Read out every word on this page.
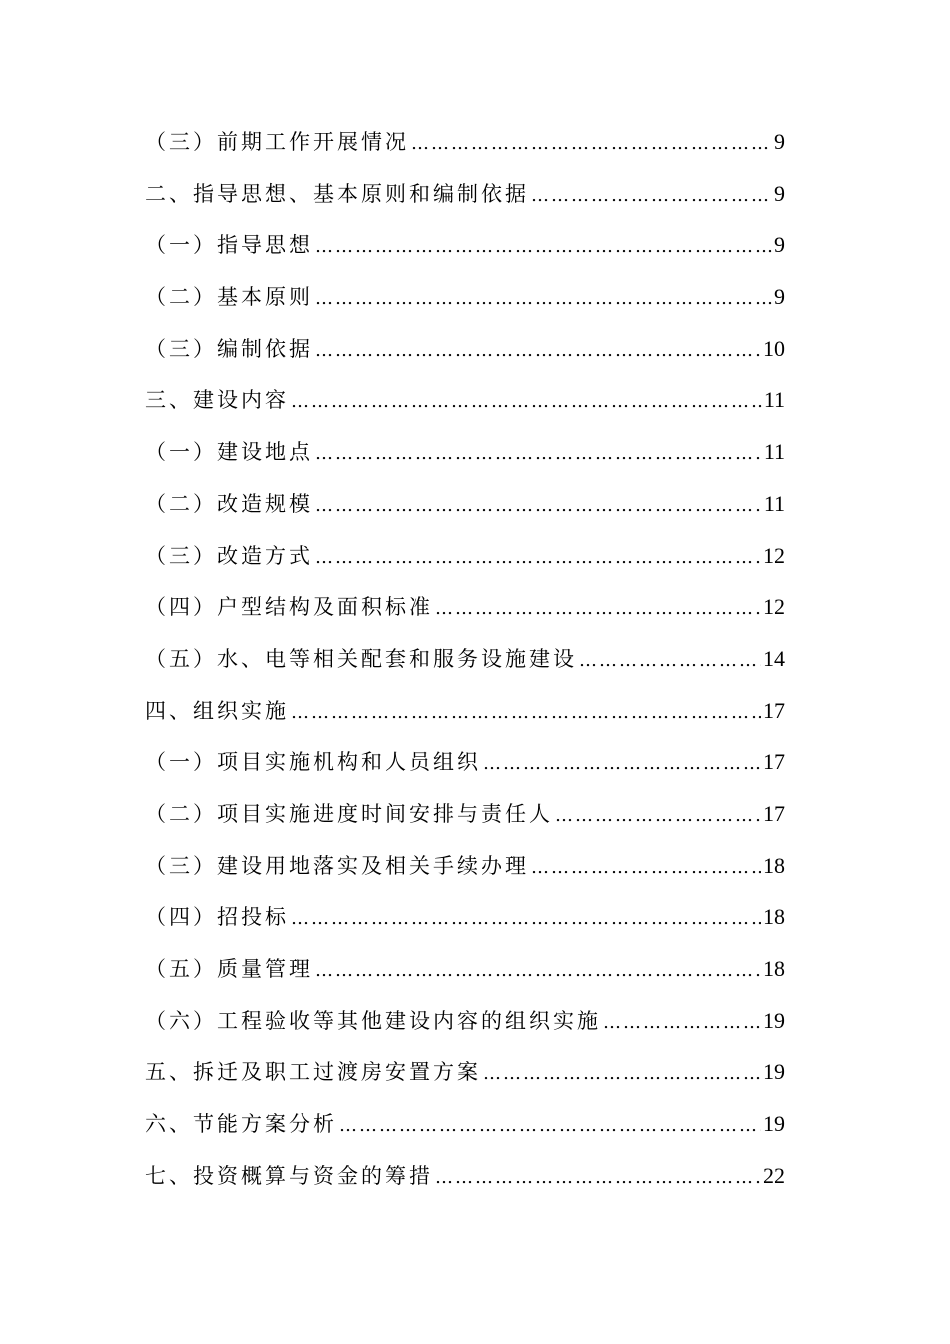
（三）前期工作开展情况 ……………………………………………………………………………………………………………………………………	9
二、指导思想、基本原则和编制依据 ……………………………………………………………………………………………………………………………………	9
（一）指导思想 ……………………………………………………………………………………………………………………………………	9
（二）基本原则 ……………………………………………………………………………………………………………………………………	9
（三）编制依据 ……………………………………………………………………………………………………………………………………	10
三、建设内容 ……………………………………………………………………………………………………………………………………	11
（一）建设地点 ……………………………………………………………………………………………………………………………………	11
（二）改造规模 ……………………………………………………………………………………………………………………………………	11
（三）改造方式 ……………………………………………………………………………………………………………………………………	12
（四）户型结构及面积标准 ……………………………………………………………………………………………………………………………………	12
（五）水、电等相关配套和服务设施建设 ……………………………………………………………………………………………………………………………………	14
四、组织实施 ……………………………………………………………………………………………………………………………………	17
（一）项目实施机构和人员组织 ……………………………………………………………………………………………………………………………………	17
（二）项目实施进度时间安排与责任人 ……………………………………………………………………………………………………………………………………	17
（三）建设用地落实及相关手续办理 ……………………………………………………………………………………………………………………………………	18
（四）招投标 ……………………………………………………………………………………………………………………………………	18
（五）质量管理 ……………………………………………………………………………………………………………………………………	18
（六）工程验收等其他建设内容的组织实施 ……………………………………………………………………………………………………………………………………	19
五、拆迁及职工过渡房安置方案 ……………………………………………………………………………………………………………………………………	19
六、节能方案分析 ……………………………………………………………………………………………………………………………………	19
七、投资概算与资金的筹措 ……………………………………………………………………………………………………………………………………	22
